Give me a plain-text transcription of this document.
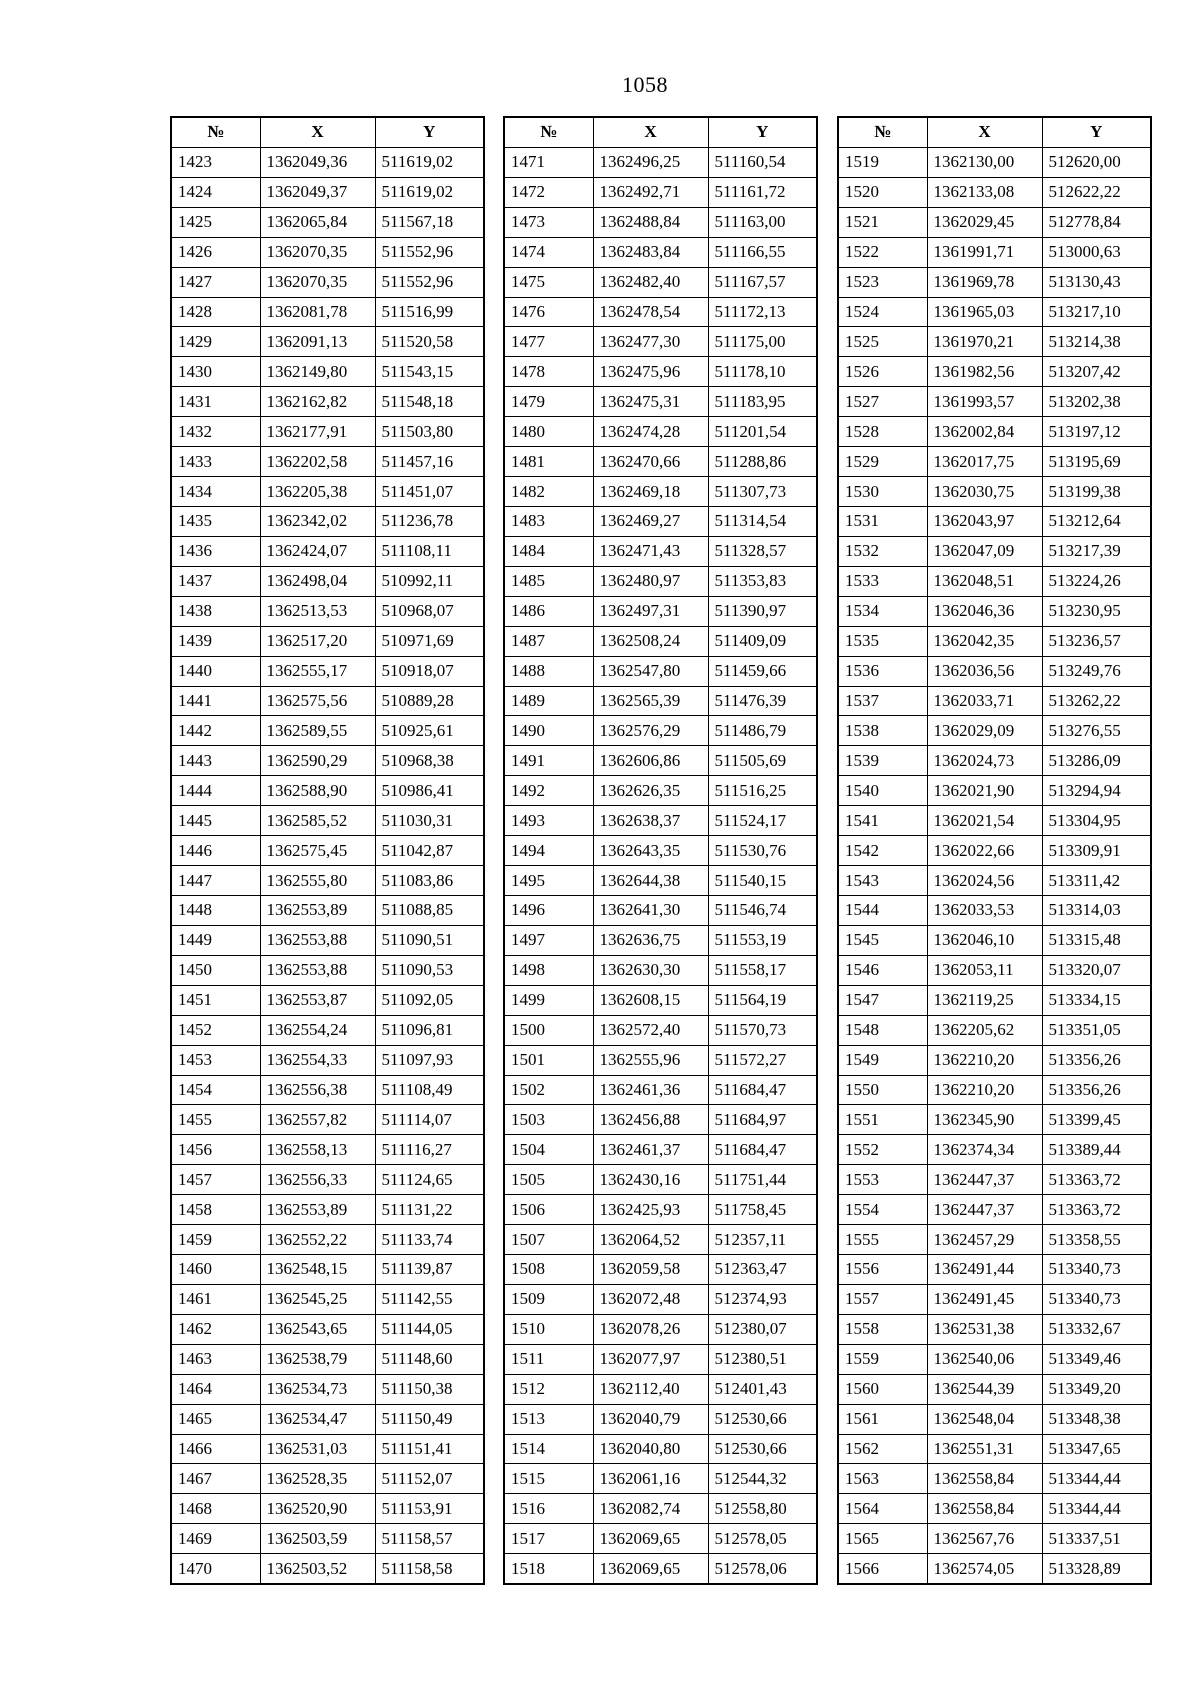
1058
№	X	Y
1423	1362049,36	511619,02
1424	1362049,37	511619,02
1425	1362065,84	511567,18
1426	1362070,35	511552,96
1427	1362070,35	511552,96
1428	1362081,78	511516,99
1429	1362091,13	511520,58
1430	1362149,80	511543,15
1431	1362162,82	511548,18
1432	1362177,91	511503,80
1433	1362202,58	511457,16
1434	1362205,38	511451,07
1435	1362342,02	511236,78
1436	1362424,07	511108,11
1437	1362498,04	510992,11
1438	1362513,53	510968,07
1439	1362517,20	510971,69
1440	1362555,17	510918,07
1441	1362575,56	510889,28
1442	1362589,55	510925,61
1443	1362590,29	510968,38
1444	1362588,90	510986,41
1445	1362585,52	511030,31
1446	1362575,45	511042,87
1447	1362555,80	511083,86
1448	1362553,89	511088,85
1449	1362553,88	511090,51
1450	1362553,88	511090,53
1451	1362553,87	511092,05
1452	1362554,24	511096,81
1453	1362554,33	511097,93
1454	1362556,38	511108,49
1455	1362557,82	511114,07
1456	1362558,13	511116,27
1457	1362556,33	511124,65
1458	1362553,89	511131,22
1459	1362552,22	511133,74
1460	1362548,15	511139,87
1461	1362545,25	511142,55
1462	1362543,65	511144,05
1463	1362538,79	511148,60
1464	1362534,73	511150,38
1465	1362534,47	511150,49
1466	1362531,03	511151,41
1467	1362528,35	511152,07
1468	1362520,90	511153,91
1469	1362503,59	511158,57
1470	1362503,52	511158,58
№	X	Y
1471	1362496,25	511160,54
1472	1362492,71	511161,72
1473	1362488,84	511163,00
1474	1362483,84	511166,55
1475	1362482,40	511167,57
1476	1362478,54	511172,13
1477	1362477,30	511175,00
1478	1362475,96	511178,10
1479	1362475,31	511183,95
1480	1362474,28	511201,54
1481	1362470,66	511288,86
1482	1362469,18	511307,73
1483	1362469,27	511314,54
1484	1362471,43	511328,57
1485	1362480,97	511353,83
1486	1362497,31	511390,97
1487	1362508,24	511409,09
1488	1362547,80	511459,66
1489	1362565,39	511476,39
1490	1362576,29	511486,79
1491	1362606,86	511505,69
1492	1362626,35	511516,25
1493	1362638,37	511524,17
1494	1362643,35	511530,76
1495	1362644,38	511540,15
1496	1362641,30	511546,74
1497	1362636,75	511553,19
1498	1362630,30	511558,17
1499	1362608,15	511564,19
1500	1362572,40	511570,73
1501	1362555,96	511572,27
1502	1362461,36	511684,47
1503	1362456,88	511684,97
1504	1362461,37	511684,47
1505	1362430,16	511751,44
1506	1362425,93	511758,45
1507	1362064,52	512357,11
1508	1362059,58	512363,47
1509	1362072,48	512374,93
1510	1362078,26	512380,07
1511	1362077,97	512380,51
1512	1362112,40	512401,43
1513	1362040,79	512530,66
1514	1362040,80	512530,66
1515	1362061,16	512544,32
1516	1362082,74	512558,80
1517	1362069,65	512578,05
1518	1362069,65	512578,06
№	X	Y
1519	1362130,00	512620,00
1520	1362133,08	512622,22
1521	1362029,45	512778,84
1522	1361991,71	513000,63
1523	1361969,78	513130,43
1524	1361965,03	513217,10
1525	1361970,21	513214,38
1526	1361982,56	513207,42
1527	1361993,57	513202,38
1528	1362002,84	513197,12
1529	1362017,75	513195,69
1530	1362030,75	513199,38
1531	1362043,97	513212,64
1532	1362047,09	513217,39
1533	1362048,51	513224,26
1534	1362046,36	513230,95
1535	1362042,35	513236,57
1536	1362036,56	513249,76
1537	1362033,71	513262,22
1538	1362029,09	513276,55
1539	1362024,73	513286,09
1540	1362021,90	513294,94
1541	1362021,54	513304,95
1542	1362022,66	513309,91
1543	1362024,56	513311,42
1544	1362033,53	513314,03
1545	1362046,10	513315,48
1546	1362053,11	513320,07
1547	1362119,25	513334,15
1548	1362205,62	513351,05
1549	1362210,20	513356,26
1550	1362210,20	513356,26
1551	1362345,90	513399,45
1552	1362374,34	513389,44
1553	1362447,37	513363,72
1554	1362447,37	513363,72
1555	1362457,29	513358,55
1556	1362491,44	513340,73
1557	1362491,45	513340,73
1558	1362531,38	513332,67
1559	1362540,06	513349,46
1560	1362544,39	513349,20
1561	1362548,04	513348,38
1562	1362551,31	513347,65
1563	1362558,84	513344,44
1564	1362558,84	513344,44
1565	1362567,76	513337,51
1566	1362574,05	513328,89
